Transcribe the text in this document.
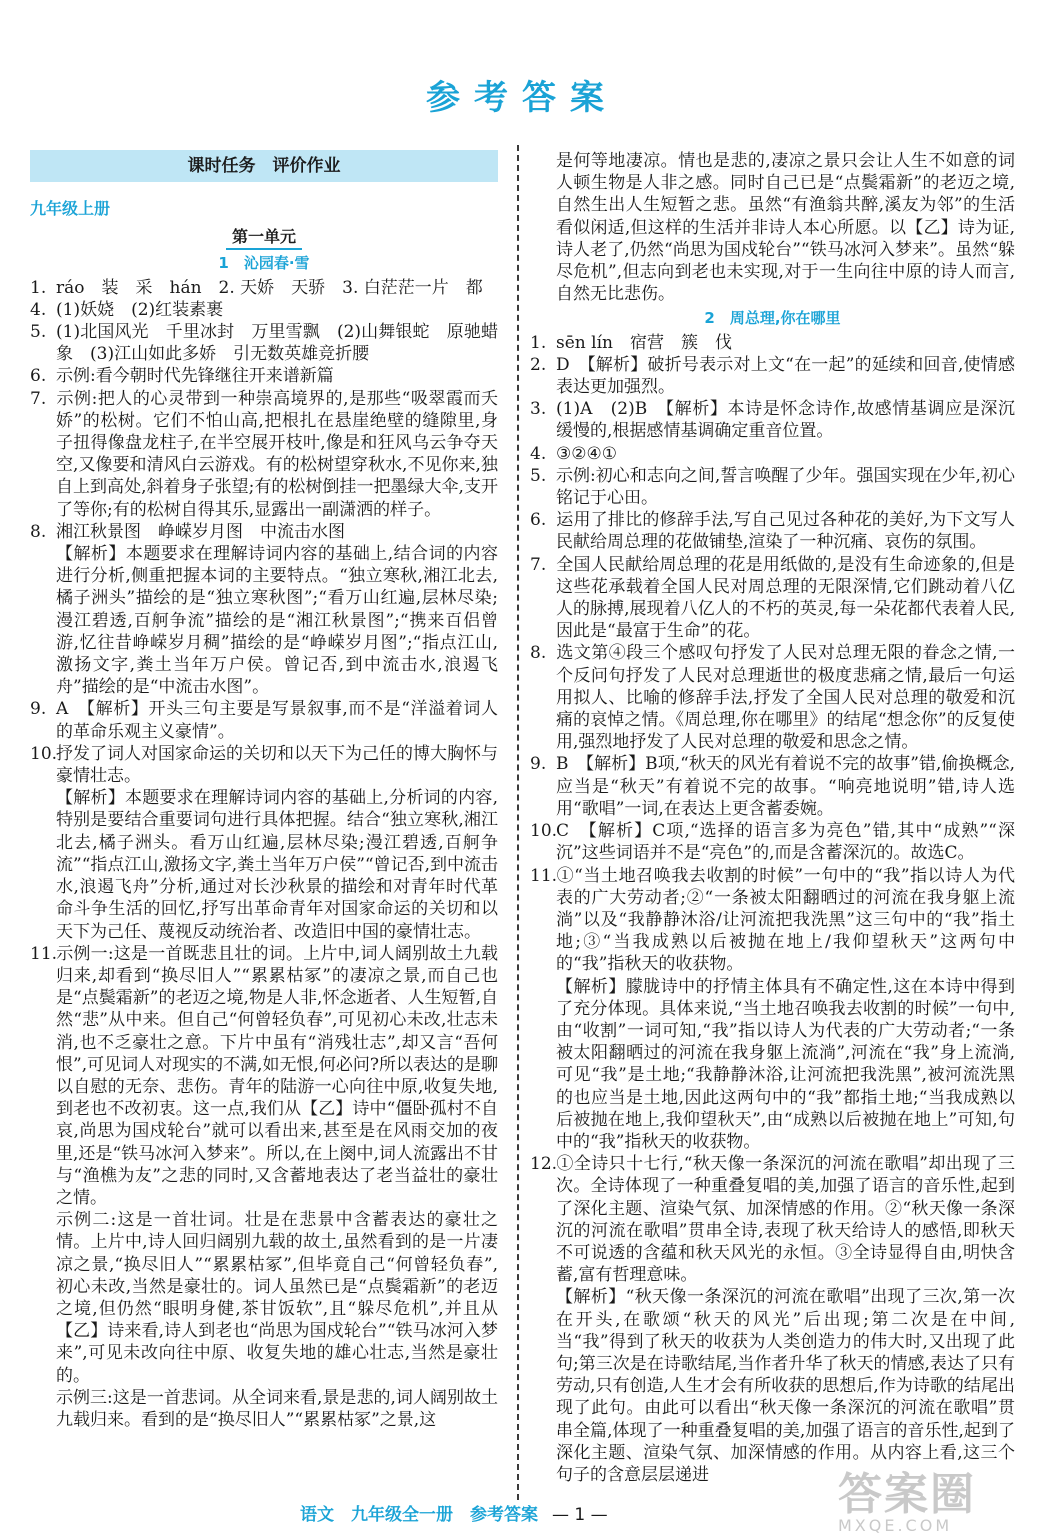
参考答案
课时任务　评价作业
九年级上册
第一单元
1　沁园春·雪

1. ráo　装　采　hán　2. 天娇　天骄　3. 白茫茫一片　都

4. (1)妖娆　(2)红装素裹

5. (1)北国风光　千里冰封　万里雪飘　(2)山舞银蛇　原驰蜡象　(3)江山如此多娇　引无数英雄竞折腰

6. 示例:看今朝时代先锋继往开来谱新篇

7. 示例:把人的心灵带到一种崇高境界的,是那些“吸翠霞而夭娇”的松树。它们不怕山高,把根扎在悬崖绝壁的缝隙里,身子扭得像盘龙柱子,在半空展开枝叶,像是和狂风乌云争夺天空,又像要和清风白云游戏。有的松树望穿秋水,不见你来,独自上到高处,斜着身子张望;有的松树倒挂一把墨绿大伞,支开了等你;有的松树自得其乐,显露出一副潇洒的样子。

8. 湘江秋景图　峥嵘岁月图　中流击水图

【解析】本题要求在理解诗词内容的基础上,结合词的内容进行分析,侧重把握本词的主要特点。“独立寒秋,湘江北去,橘子洲头”描绘的是“独立寒秋图”;“看万山红遍,层林尽染;漫江碧透,百舸争流”描绘的是“湘江秋景图”;“携来百侣曾游,忆往昔峥嵘岁月稠”描绘的是“峥嵘岁月图”;“指点江山,激扬文字,粪土当年万户侯。曾记否,到中流击水,浪遏飞舟”描绘的是“中流击水图”。

9. A　【解析】开头三句主要是写景叙事,而不是“洋溢着词人的革命乐观主义豪情”。

10.抒发了词人对国家命运的关切和以天下为己任的博大胸怀与豪情壮志。

【解析】本题要求在理解诗词内容的基础上,分析词的内容,特别是要结合重要词句进行具体把握。结合“独立寒秋,湘江北去,橘子洲头。看万山红遍,层林尽染;漫江碧透,百舸争流”“指点江山,激扬文字,粪土当年万户侯”“曾记否,到中流击水,浪遏飞舟”分析,通过对长沙秋景的描绘和对青年时代革命斗争生活的回忆,抒写出革命青年对国家命运的关切和以天下为己任、蔑视反动统治者、改造旧中国的豪情壮志。

11.示例一:这是一首既悲且壮的词。上片中,词人阔别故土九载归来,却看到“换尽旧人”“累累枯冢”的凄凉之景,而自己也是“点鬓霜新”的老迈之境,物是人非,怀念逝者、人生短暂,自然“悲”从中来。但自己“何曾轻负春”,可见初心未改,壮志未消,也不乏豪壮之意。下片中虽有“消残壮志”,却又言“吾何恨”,可见词人对现实的不满,如无恨,何必问?所以表达的是聊以自慰的无奈、悲伤。青年的陆游一心向往中原,收复失地,到老也不改初衷。这一点,我们从【乙】诗中“僵卧孤村不自哀,尚思为国戍轮台”就可以看出来,甚至是在风雨交加的夜里,还是“铁马冰河入梦来”。所以,在上阕中,词人流露出不甘与“渔樵为友”之悲的同时,又含蓄地表达了老当益壮的豪壮之情。

示例二:这是一首壮词。壮是在悲景中含蓄表达的豪壮之情。上片中,诗人回归阔别九载的故土,虽然看到的是一片凄凉之景,“换尽旧人”“累累枯冢”,但毕竟自己“何曾轻负春”,初心未改,当然是豪壮的。词人虽然已是“点鬓霜新”的老迈之境,但仍然“眼明身健,茶甘饭软”,且“躲尽危机”,并且从【乙】诗来看,诗人到老也“尚思为国戍轮台”“铁马冰河入梦来”,可见未改向往中原、收复失地的雄心壮志,当然是豪壮的。
示例三:这是一首悲词。从全词来看,景是悲的,词人阔别故土九载归来。看到的是“换尽旧人”“累累枯冢”之景,这
是何等地凄凉。情也是悲的,凄凉之景只会让人生不如意的词人顿生物是人非之感。同时自己已是“点鬓霜新”的老迈之境,自然生出人生短暂之悲。虽然“有渔翁共醉,溪友为邻”的生活看似闲适,但这样的生活并非诗人本心所愿。以【乙】诗为证,诗人老了,仍然“尚思为国戍轮台”“铁马冰河入梦来”。虽然“躲尽危机”,但志向到老也未实现,对于一生向往中原的诗人而言,自然无比悲伤。
2　周总理,你在哪里

1. sēn lín　宿营　簇　伐

2. D　【解析】破折号表示对上文“在一起”的延续和回音,使情感表达更加强烈。

3. (1)A　(2)B　【解析】本诗是怀念诗作,故感情基调应是深沉缓慢的,根据感情基调确定重音位置。

4. ③②④①

5. 示例:初心和志向之间,誓言唤醒了少年。强国实现在少年,初心铭记于心田。

6. 运用了排比的修辞手法,写自己见过各种花的美好,为下文写人民献给周总理的花做铺垫,渲染了一种沉痛、哀伤的氛围。

7. 全国人民献给周总理的花是用纸做的,是没有生命迹象的,但是这些花承载着全国人民对周总理的无限深情,它们跳动着八亿人的脉搏,展现着八亿人的不朽的英灵,每一朵花都代表着人民,因此是“最富于生命”的花。

8. 选文第④段三个感叹句抒发了人民对总理无限的眷念之情,一个反问句抒发了人民对总理逝世的极度悲痛之情,最后一句运用拟人、比喻的修辞手法,抒发了全国人民对总理的敬爱和沉痛的哀悼之情。《周总理,你在哪里》的结尾“想念你”的反复使用,强烈地抒发了人民对总理的敬爱和思念之情。

9. B　【解析】B项,“秋天的风光有着说不完的故事”错,偷换概念,应当是“秋天”有着说不完的故事。“响亮地说明”错,诗人选用“歌唱”一词,在表达上更含蓄委婉。

10.C　【解析】C项,“选择的语言多为亮色”错,其中“成熟”“深沉”这些词语并不是“亮色”的,而是含蓄深沉的。故选C。

11.①“当土地召唤我去收割的时候”一句中的“我”指以诗人为代表的广大劳动者;②“一条被太阳翻晒过的河流在我身躯上流淌”以及“我静静沐浴/让河流把我洗黑”这三句中的“我”指土地;③“当我成熟以后被抛在地上/我仰望秋天”这两句中的“我”指秋天的收获物。

【解析】朦胧诗中的抒情主体具有不确定性,这在本诗中得到了充分体现。具体来说,“当土地召唤我去收割的时候”一句中,由“收割”一词可知,“我”指以诗人为代表的广大劳动者;“一条被太阳翻晒过的河流在我身躯上流淌”,河流在“我”身上流淌,可见“我”是土地;“我静静沐浴,让河流把我洗黑”,被河流洗黑的也应当是土地,因此这两句中的“我”都指土地;“当我成熟以后被抛在地上,我仰望秋天”,由“成熟以后被抛在地上”可知,句中的“我”指秋天的收获物。

12.①全诗只十七行,“秋天像一条深沉的河流在歌唱”却出现了三次。全诗体现了一种重叠复唱的美,加强了语言的音乐性,起到了深化主题、渲染气氛、加深情感的作用。②“秋天像一条深沉的河流在歌唱”贯串全诗,表现了秋天给诗人的感悟,即秋天不可说透的含蕴和秋天风光的永恒。③全诗显得自由,明快含蓄,富有哲理意味。

【解析】“秋天像一条深沉的河流在歌唱”出现了三次,第一次在开头,在歌颂“秋天的风光”后出现;第二次是在中间,当“我”得到了秋天的收获为人类创造力的伟大时,又出现了此句;第三次是在诗歌结尾,当作者升华了秋天的情感,表达了只有劳动,只有创造,人生才会有所收获的思想后,作为诗歌的结尾出现了此句。由此可以看出“秋天像一条深沉的河流在歌唱”贯串全篇,体现了一种重叠复唱的美,加强了语言的音乐性,起到了深化主题、渲染气氛、加深情感的作用。从内容上看,这三个句子的含意层层递进
语文　九年级全一册　参考答案 — 1 —	答案圈
MXQE.COM
